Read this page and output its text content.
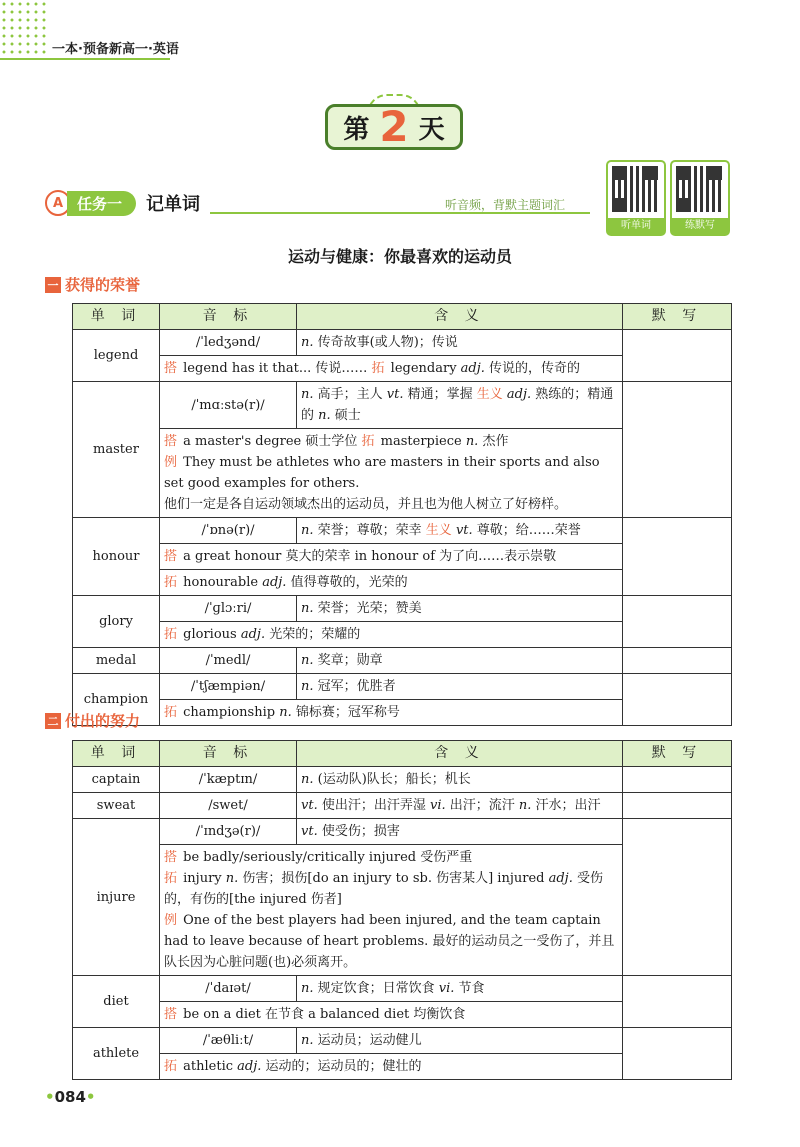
一本·预备新高一·英语
第 2 天
A 任务一	记单词	听音频，背默主题词汇
听单词	练默写
运动与健康：你最喜欢的运动员
一 获得的荣誉
单 词	音 标	含 义	默 写
legend	/ˈledʒənd/	n. 传奇故事(或人物)；传说	
	搭 legend has it that... 传说…… 拓 legendary adj. 传说的，传奇的		
master	/ˈmɑːstə(r)/	n. 高手；主人 vt. 精通；掌握 生义 adj. 熟练的；精通的 n. 硕士	

	搭 a master's degree 硕士学位 拓 masterpiece n. 杰作
例 They must be athletes who are masters in their sports and also set good examples for others.
他们一定是各自运动领域杰出的运动员，并且也为他人树立了好榜样。		

honour	/ˈɒnə(r)/	n. 荣誉；尊敬；荣幸 生义 vt. 尊敬；给……荣誉	
	搭 a great honour 莫大的荣幸 in honour of 为了向……表示崇敬		
	拓 honourable adj. 值得尊敬的，光荣的		
glory	/ˈɡlɔːri/	n. 荣誉；光荣；赞美	
	拓 glorious adj. 光荣的；荣耀的		
medal	/ˈmedl/	n. 奖章；勋章	
champion	/ˈtʃæmpiən/	n. 冠军；优胜者	
	拓 championship n. 锦标赛；冠军称号		
二 付出的努力
单 词	音 标	含 义	默 写
captain	/ˈkæptɪn/	n. (运动队)队长；船长；机长	
sweat	/swet/	vt. 使出汗；出汗弄湿 vi. 出汗；流汗 n. 汗水；出汗	
injure	/ˈɪndʒə(r)/	vt. 使受伤；损害	

	搭 be badly/seriously/critically injured 受伤严重
拓 injury n. 伤害；损伤[do an injury to sb. 伤害某人] injured adj. 受伤的，有伤的[the injured 伤者]
例 One of the best players had been injured, and the team captain had to leave because of heart problems. 最好的运动员之一受伤了，并且队长因为心脏问题(也)必须离开。		

diet	/ˈdaɪət/	n. 规定饮食；日常饮食 vi. 节食	
	搭 be on a diet 在节食 a balanced diet 均衡饮食		
athlete	/ˈæθliːt/	n. 运动员；运动健儿	
	拓 athletic adj. 运动的；运动员的；健壮的		
•084•
